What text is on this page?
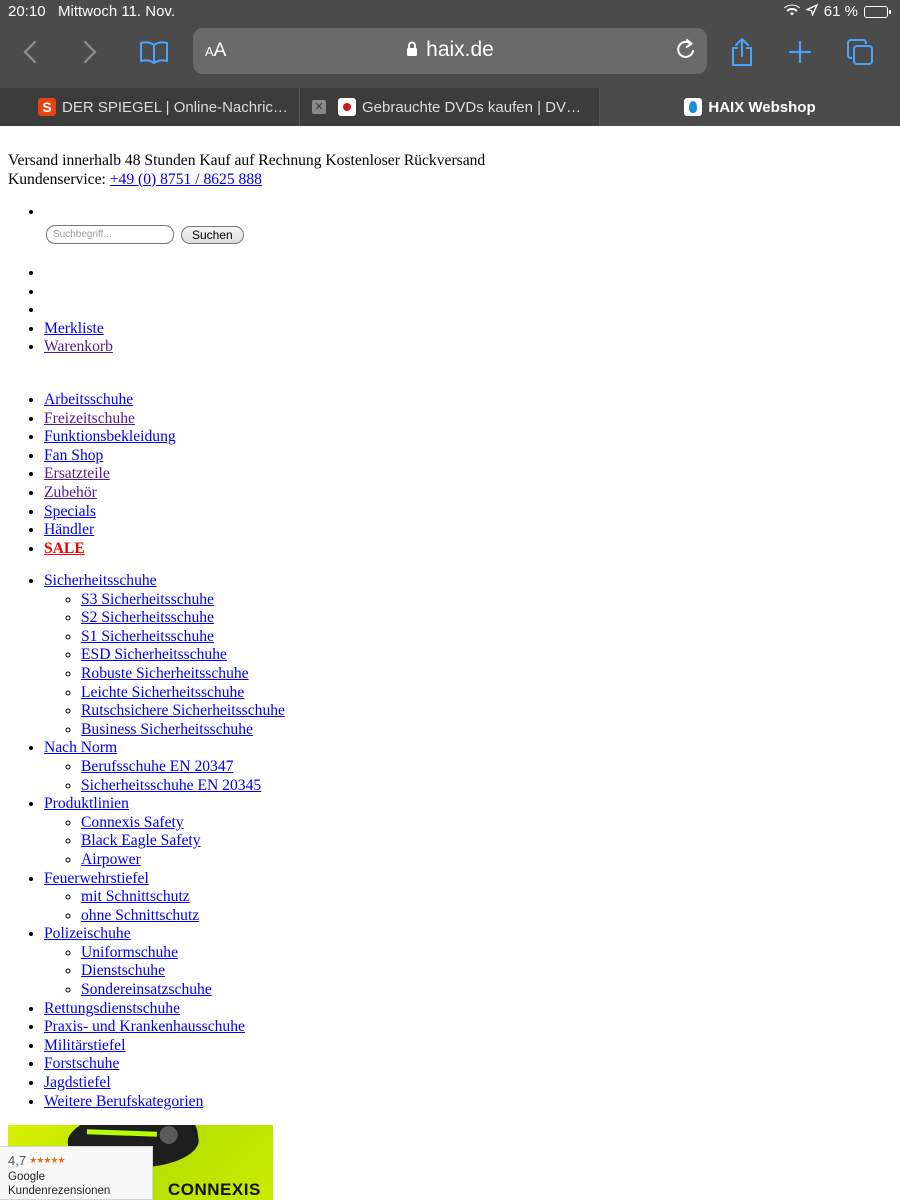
20:10 Mittwoch 11. Nov.	61 %
AA	haix.de
S DER SPIEGEL | Online-Nachric… ✕	Gebrauchte DVDs kaufen | DV…	HAIX Webshop
Versand innerhalb 48 Stunden Kauf auf Rechnung Kostenloser Rückversand
Kundenservice: +49 (0) 8751 / 8625 888
•
Suchbegriff...
Suchen
•
•
•
• Merkliste
• Warenkorb
• Arbeitsschuhe
• Freizeitschuhe
• Funktionsbekleidung
• Fan Shop
• Ersatzteile
• Zubehör
• Specials
• Händler
• SALE
• Sicherheitsschuhe
◦ S3 Sicherheitsschuhe
◦ S2 Sicherheitsschuhe
◦ S1 Sicherheitsschuhe
◦ ESD Sicherheitsschuhe
◦ Robuste Sicherheitsschuhe
◦ Leichte Sicherheitsschuhe
◦ Rutschsichere Sicherheitsschuhe
◦ Business Sicherheitsschuhe
• Nach Norm
◦ Berufsschuhe EN 20347
◦ Sicherheitsschuhe EN 20345
• Produktlinien
◦ Connexis Safety
◦ Black Eagle Safety
◦ Airpower
• Feuerwehrstiefel
◦ mit Schnittschutz
◦ ohne Schnittschutz
• Polizeischuhe
◦ Uniformschuhe
◦ Dienstschuhe
◦ Sondereinsatzschuhe
• Rettungsdienstschuhe
• Praxis- und Krankenhausschuhe
• Militärstiefel
• Forstschuhe
• Jagdstiefel
• Weitere Berufskategorien
CONNEXIS
4,7 ★★★★★
Google
Kundenrezensionen
